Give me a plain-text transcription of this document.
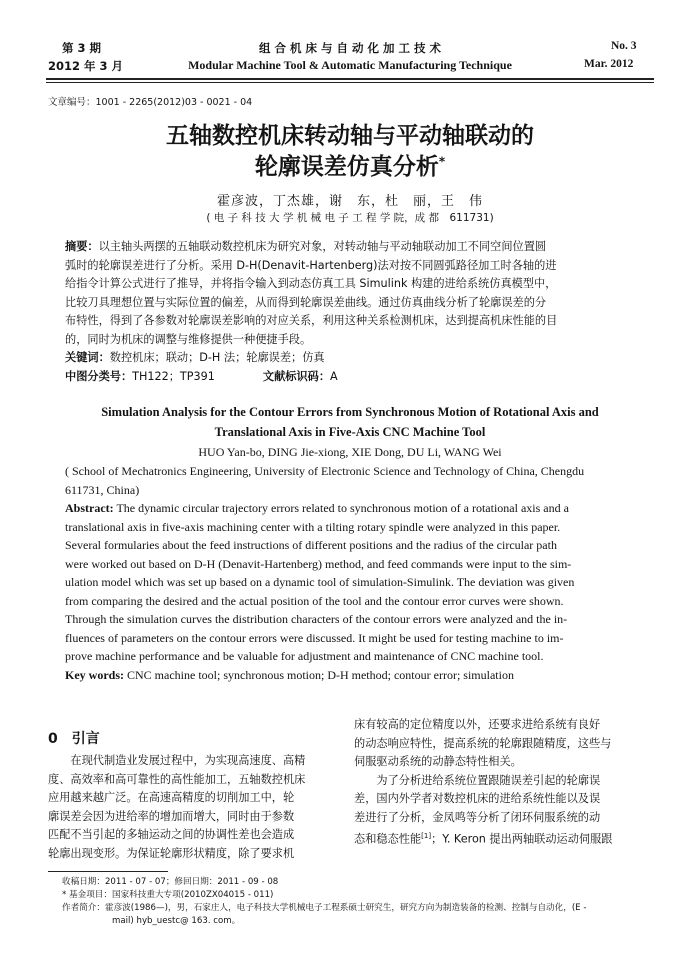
第 3 期
2012 年 3 月
组 合 机 床 与 自 动 化 加 工 技 术
Modular Machine Tool & Automatic Manufacturing Technique
No. 3
Mar. 2012
文章编号：1001 - 2265(2012)03 - 0021 - 04
五轴数控机床转动轴与平动轴联动的
轮廓误差仿真分析*
霍彦波，丁杰雄，谢　东，杜　丽，王　伟
( 电 子 科 技 大 学 机 械 电 子 工 程 学 院，成 都　611731)
摘要：以主轴头两摆的五轴联动数控机床为研究对象，对转动轴与平动轴联动加工不同空间位置圆
弧时的轮廓误差进行了分析。采用 D-H(Denavit-Hartenberg)法对按不同圆弧路径加工时各轴的进
给指令计算公式进行了推导，并将指令输入到动态仿真工具 Simulink 构建的进给系统仿真模型中，
比较刀具理想位置与实际位置的偏差，从而得到轮廓误差曲线。通过仿真曲线分析了轮廓误差的分
布特性，得到了各参数对轮廓误差影响的对应关系，利用这种关系检测机床，达到提高机床性能的目
的，同时为机床的调整与维修提供一种便捷手段。
关键词：数控机床；联动；D-H 法；轮廓误差；仿真
中图分类号：TH122；TP391	文献标识码：A
Simulation Analysis for the Contour Errors from Synchronous Motion of Rotational Axis and
Translational Axis in Five-Axis CNC Machine Tool
HUO Yan-bo, DING Jie-xiong, XIE Dong, DU Li, WANG Wei
( School of Mechatronics Engineering, University of Electronic Science and Technology of China, Chengdu
611731, China)
Abstract: The dynamic circular trajectory errors related to synchronous motion of a rotational axis and a
translational axis in five-axis machining center with a tilting rotary spindle were analyzed in this paper.
Several formularies about the feed instructions of different positions and the radius of the circular path
were worked out based on D-H (Denavit-Hartenberg) method, and feed commands were input to the sim-
ulation model which was set up based on a dynamic tool of simulation-Simulink. The deviation was given
from comparing the desired and the actual position of the tool and the contour error curves were shown.
Through the simulation curves the distribution characters of the contour errors were analyzed and the in-
fluences of parameters on the contour errors were discussed. It might be used for testing machine to im-
prove machine performance and be valuable for adjustment and maintenance of CNC machine tool.
Key words: CNC machine tool; synchronous motion; D-H method; contour error; simulation
0　引言
　　在现代制造业发展过程中，为实现高速度、高精
度、高效率和高可靠性的高性能加工，五轴数控机床
应用越来越广泛。在高速高精度的切削加工中，轮
廓误差会因为进给率的增加而增大，同时由于参数
匹配不当引起的多轴运动之间的协调性差也会造成
轮廓出现变形。为保证轮廓形状精度，除了要求机
床有较高的定位精度以外，还要求进给系统有良好
的动态响应特性，提高系统的轮廓跟随精度，这些与
伺服驱动系统的动静态特性相关。
　　为了分析进给系统位置跟随误差引起的轮廓误
差，国内外学者对数控机床的进给系统性能以及误
差进行了分析，金凤鸣等分析了闭环伺服系统的动
态和稳态性能[1]；Y. Keron 提出两轴联动运动伺服跟
收稿日期：2011 - 07 - 07；修回日期：2011 - 09 - 08
* 基金项目：国家科技重大专项(2010ZX04015 - 011)
作者简介：霍彦波(1986—)，男，石家庄人，电子科技大学机械电子工程系硕士研究生，研究方向为制造装备的检测、控制与自动化，(E -
mail) hyb_uestc@ 163. com。
